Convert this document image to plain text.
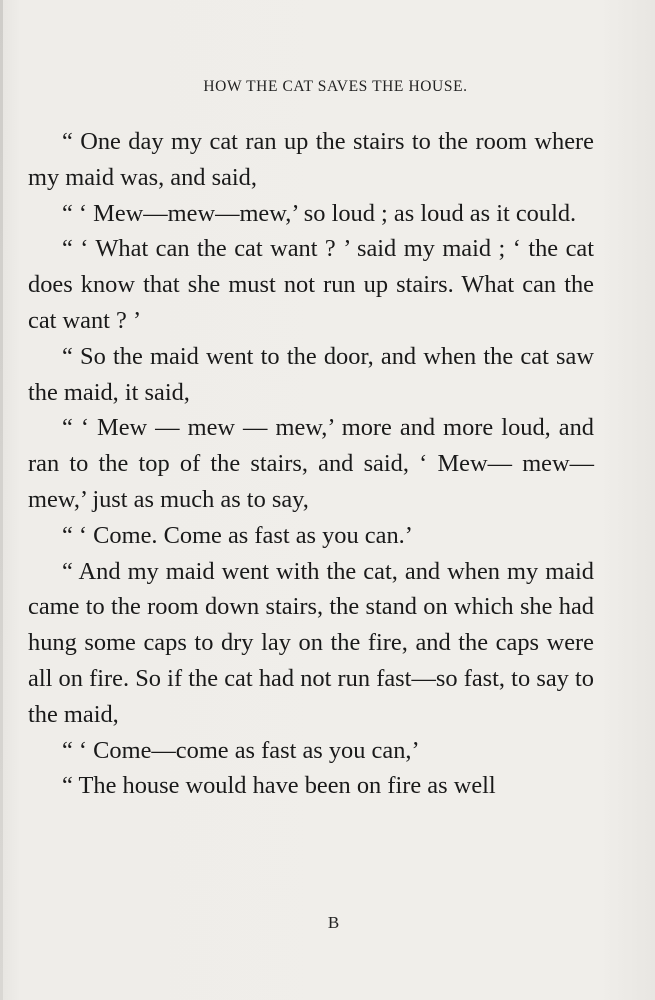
HOW THE CAT SAVES THE HOUSE.

“ One day my cat ran up the stairs to the room where my maid was, and said,

“ ‘ Mew—mew—mew,’ so loud ; as loud as it could.

“ ‘ What can the cat want ? ’ said my maid ; ‘ the cat does know that she must not run up stairs. What can the cat want ? ’

“ So the maid went to the door, and when the cat saw the maid, it said,

“ ‘ Mew — mew — mew,’ more and more loud, and ran to the top of the stairs, and said, ‘ Mew— mew— mew,’ just as much as to say,

“ ‘ Come. Come as fast as you can.’

“ And my maid went with the cat, and when my maid came to the room down stairs, the stand on which she had hung some caps to dry lay on the fire, and the caps were all on fire. So if the cat had not run fast—so fast, to say to the maid,

“ ‘ Come—come as fast as you can,’

“ The house would have been on fire as well

B
